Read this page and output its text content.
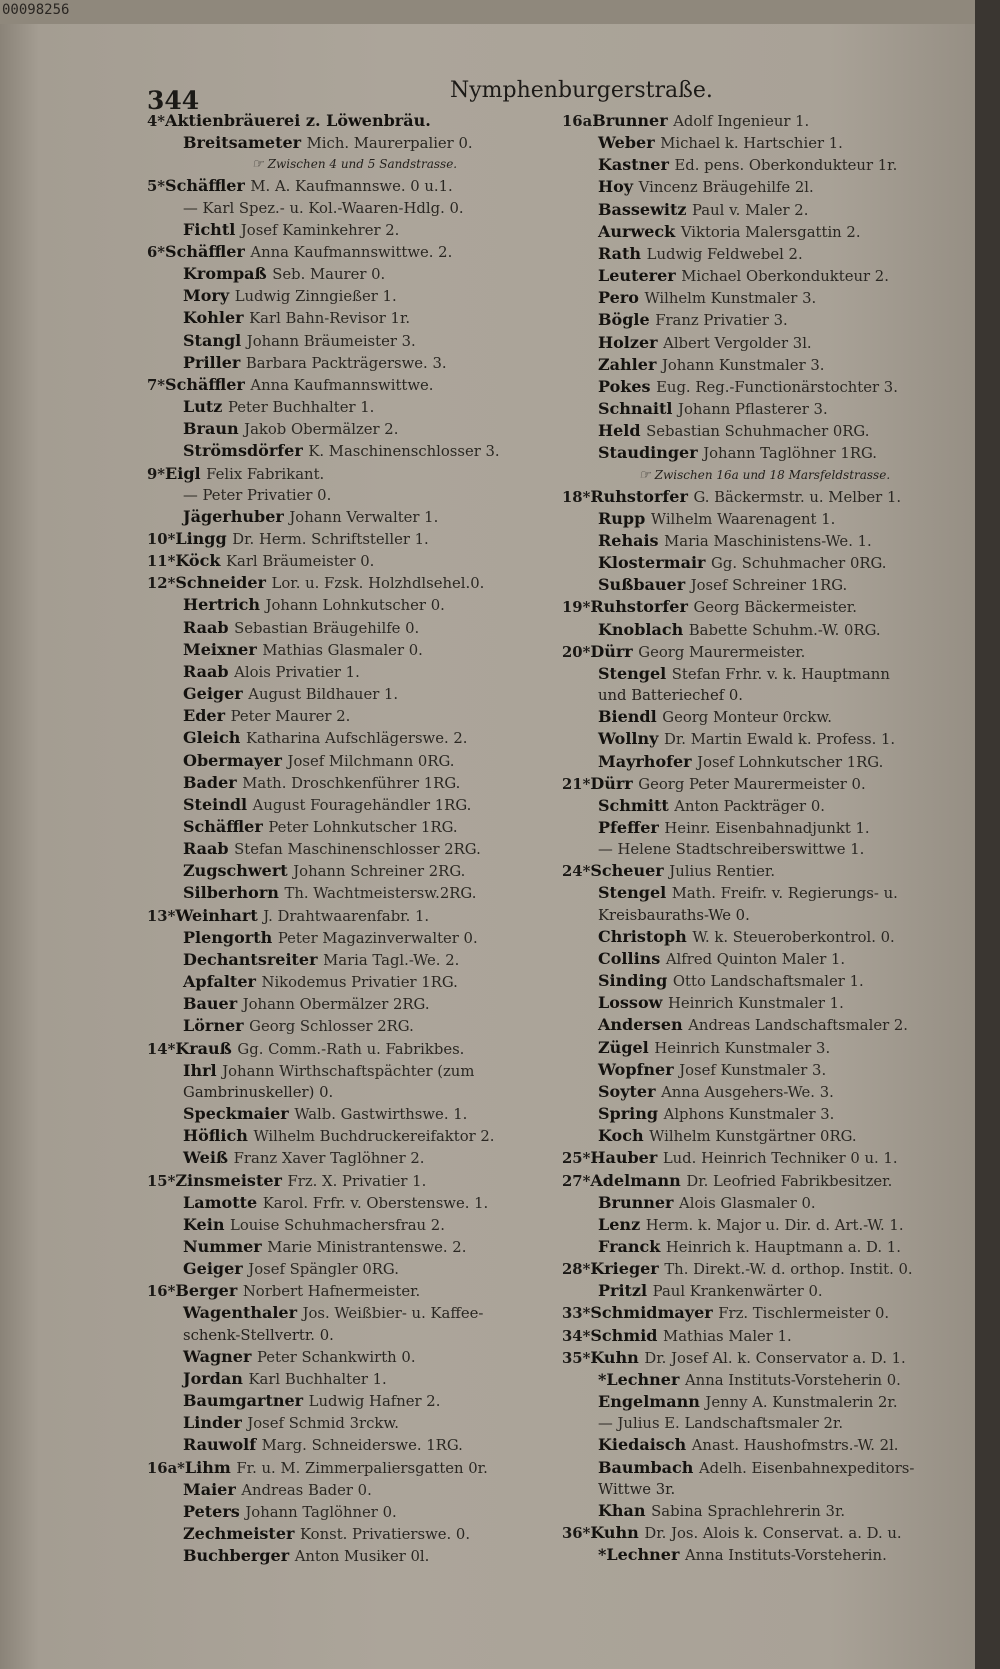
00098256
344	Nymphenburgerstraße.
4*Aktienbräuerei z. Löwenbräu.
Breitsameter Mich. Maurerpalier 0.
☞ Zwischen 4 und 5 Sandstrasse.
5*Schäffler M. A. Kaufmannswe. 0 u.1.
— Karl Spez.- u. Kol.-Waaren-Hdlg. 0.
Fichtl Josef Kaminkehrer 2.
6*Schäffler Anna Kaufmannswittwe. 2.
Krompaß Seb. Maurer 0.
Mory Ludwig Zinngießer 1.
Kohler Karl Bahn-Revisor 1r.
Stangl Johann Bräumeister 3.
Priller Barbara Packträgerswe. 3.
7*Schäffler Anna Kaufmannswittwe.
Lutz Peter Buchhalter 1.
Braun Jakob Obermälzer 2.
Strömsdörfer K. Maschinenschlosser 3.
9*Eigl Felix Fabrikant.
— Peter Privatier 0.
Jägerhuber Johann Verwalter 1.
10*Lingg Dr. Herm. Schriftsteller 1.
11*Köck Karl Bräumeister 0.
12*Schneider Lor. u. Fzsk. Holzhdlsehel.0.
Hertrich Johann Lohnkutscher 0.
Raab Sebastian Bräugehilfe 0.
Meixner Mathias Glasmaler 0.
Raab Alois Privatier 1.
Geiger August Bildhauer 1.
Eder Peter Maurer 2.
Gleich Katharina Aufschlägerswe. 2.
Obermayer Josef Milchmann 0RG.
Bader Math. Droschkenführer 1RG.
Steindl August Fouragehändler 1RG.
Schäffler Peter Lohnkutscher 1RG.
Raab Stefan Maschinenschlosser 2RG.
Zugschwert Johann Schreiner 2RG.
Silberhorn Th. Wachtmeistersw.2RG.
13*Weinhart J. Drahtwaarenfabr. 1.
Plengorth Peter Magazinverwalter 0.
Dechantsreiter Maria Tagl.-We. 2.
Apfalter Nikodemus Privatier 1RG.
Bauer Johann Obermälzer 2RG.
Lörner Georg Schlosser 2RG.
14*Krauß Gg. Comm.-Rath u. Fabrikbes.
Ihrl Johann Wirthschaftspächter (zum
Gambrinuskeller) 0.
Speckmaier Walb. Gastwirthswe. 1.
Höflich Wilhelm Buchdruckereifaktor 2.
Weiß Franz Xaver Taglöhner 2.
15*Zinsmeister Frz. X. Privatier 1.
Lamotte Karol. Frfr. v. Oberstenswe. 1.
Kein Louise Schuhmachersfrau 2.
Nummer Marie Ministrantenswe. 2.
Geiger Josef Spängler 0RG.
16*Berger Norbert Hafnermeister.
Wagenthaler Jos. Weißbier- u. Kaffee-
schenk-Stellvertr. 0.
Wagner Peter Schankwirth 0.
Jordan Karl Buchhalter 1.
Baumgartner Ludwig Hafner 2.
Linder Josef Schmid 3rckw.
Rauwolf Marg. Schneiderswe. 1RG.
16a*Lihm Fr. u. M. Zimmerpaliersgatten 0r.
Maier Andreas Bader 0.
Peters Johann Taglöhner 0.
Zechmeister Konst. Privatierswe. 0.
Buchberger Anton Musiker 0l.
16aBrunner Adolf Ingenieur 1.
Weber Michael k. Hartschier 1.
Kastner Ed. pens. Oberkondukteur 1r.
Hoy Vincenz Bräugehilfe 2l.
Bassewitz Paul v. Maler 2.
Aurweck Viktoria Malersgattin 2.
Rath Ludwig Feldwebel 2.
Leuterer Michael Oberkondukteur 2.
Pero Wilhelm Kunstmaler 3.
Bögle Franz Privatier 3.
Holzer Albert Vergolder 3l.
Zahler Johann Kunstmaler 3.
Pokes Eug. Reg.-Functionärstochter 3.
Schnaitl Johann Pflasterer 3.
Held Sebastian Schuhmacher 0RG.
Staudinger Johann Taglöhner 1RG.
☞ Zwischen 16a und 18 Marsfeldstrasse.
18*Ruhstorfer G. Bäckermstr. u. Melber 1.
Rupp Wilhelm Waarenagent 1.
Rehais Maria Maschinistens-We. 1.
Klostermair Gg. Schuhmacher 0RG.
Sußbauer Josef Schreiner 1RG.
19*Ruhstorfer Georg Bäckermeister.
Knoblach Babette Schuhm.-W. 0RG.
20*Dürr Georg Maurermeister.
Stengel Stefan Frhr. v. k. Hauptmann
und Batteriechef 0.
Biendl Georg Monteur 0rckw.
Wollny Dr. Martin Ewald k. Profess. 1.
Mayrhofer Josef Lohnkutscher 1RG.
21*Dürr Georg Peter Maurermeister 0.
Schmitt Anton Packträger 0.
Pfeffer Heinr. Eisenbahnadjunkt 1.
— Helene Stadtschreiberswittwe 1.
24*Scheuer Julius Rentier.
Stengel Math. Freifr. v. Regierungs- u.
Kreisbauraths-We 0.
Christoph W. k. Steueroberkontrol. 0.
Collins Alfred Quinton Maler 1.
Sinding Otto Landschaftsmaler 1.
Lossow Heinrich Kunstmaler 1.
Andersen Andreas Landschaftsmaler 2.
Zügel Heinrich Kunstmaler 3.
Wopfner Josef Kunstmaler 3.
Soyter Anna Ausgehers-We. 3.
Spring Alphons Kunstmaler 3.
Koch Wilhelm Kunstgärtner 0RG.
25*Hauber Lud. Heinrich Techniker 0 u. 1.
27*Adelmann Dr. Leofried Fabrikbesitzer.
Brunner Alois Glasmaler 0.
Lenz Herm. k. Major u. Dir. d. Art.-W. 1.
Franck Heinrich k. Hauptmann a. D. 1.
28*Krieger Th. Direkt.-W. d. orthop. Instit. 0.
Pritzl Paul Krankenwärter 0.
33*Schmidmayer Frz. Tischlermeister 0.
34*Schmid Mathias Maler 1.
35*Kuhn Dr. Josef Al. k. Conservator a. D. 1.
*Lechner Anna Instituts-Vorsteherin 0.
Engelmann Jenny A. Kunstmalerin 2r.
— Julius E. Landschaftsmaler 2r.
Kiedaisch Anast. Haushofmstrs.-W. 2l.
Baumbach Adelh. Eisenbahnexpeditors-
Wittwe 3r.
Khan Sabina Sprachlehrerin 3r.
36*Kuhn Dr. Jos. Alois k. Conservat. a. D. u.
*Lechner Anna Instituts-Vorsteherin.
